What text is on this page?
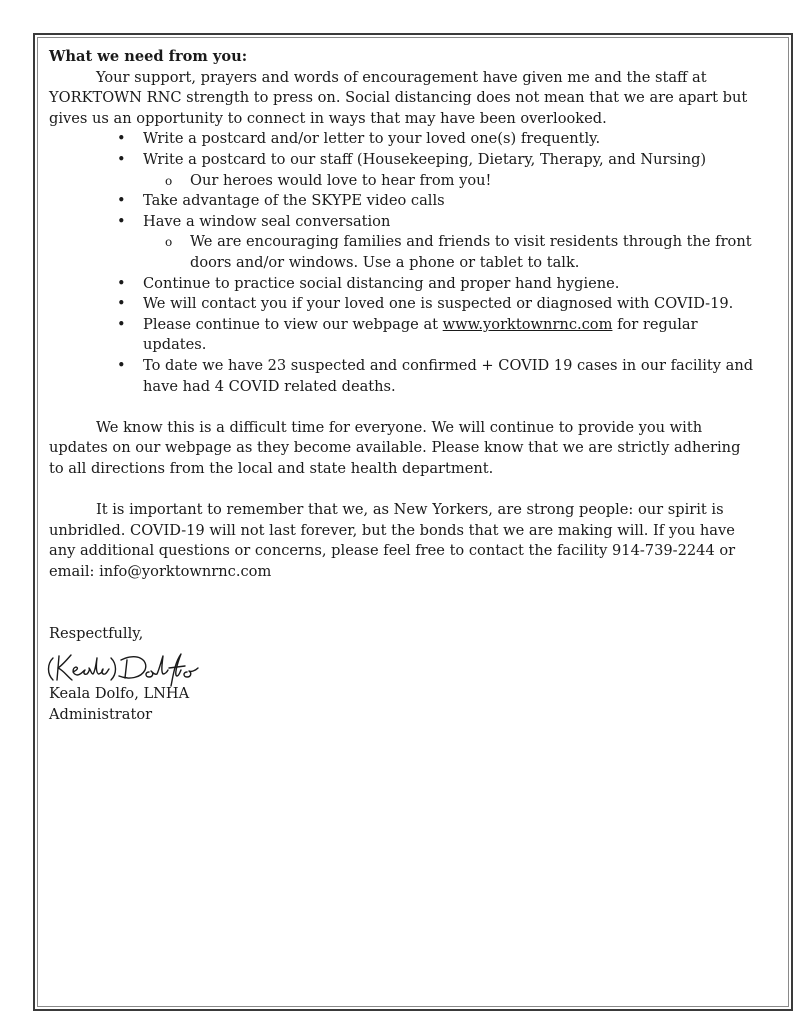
What we need from you:

Your support, prayers and words of encouragement have given me and the staff at YORKTOWN RNC strength to press on. Social distancing does not mean that we are apart but gives us an opportunity to connect in ways that may have been overlooked.

• Write a postcard and/or letter to your loved one(s) frequently.
• Write a postcard to our staff (Housekeeping, Dietary, Therapy, and Nursing)
o Our heroes would love to hear from you!
• Take advantage of the SKYPE video calls
• Have a window seal conversation
o We are encouraging families and friends to visit residents through the front doors and/or windows. Use a phone or tablet to talk.
• Continue to practice social distancing and proper hand hygiene.
• We will contact you if your loved one is suspected or diagnosed with COVID-19.
• Please continue to view our webpage at www.yorktownrnc.com for regular updates.
• To date we have 23 suspected and confirmed + COVID 19 cases in our facility and have had 4 COVID related deaths.

We know this is a difficult time for everyone. We will continue to provide you with updates on our webpage as they become available. Please know that we are strictly adhering to all directions from the local and state health department.

It is important to remember that we, as New Yorkers, are strong people: our spirit is unbridled. COVID-19 will not last forever, but the bonds that we are making will. If you have any additional questions or concerns, please feel free to contact the facility 914-739-2244 or email: info@yorktownrnc.com

Respectfully,

Keala Dolfo, LNHA

Administrator
